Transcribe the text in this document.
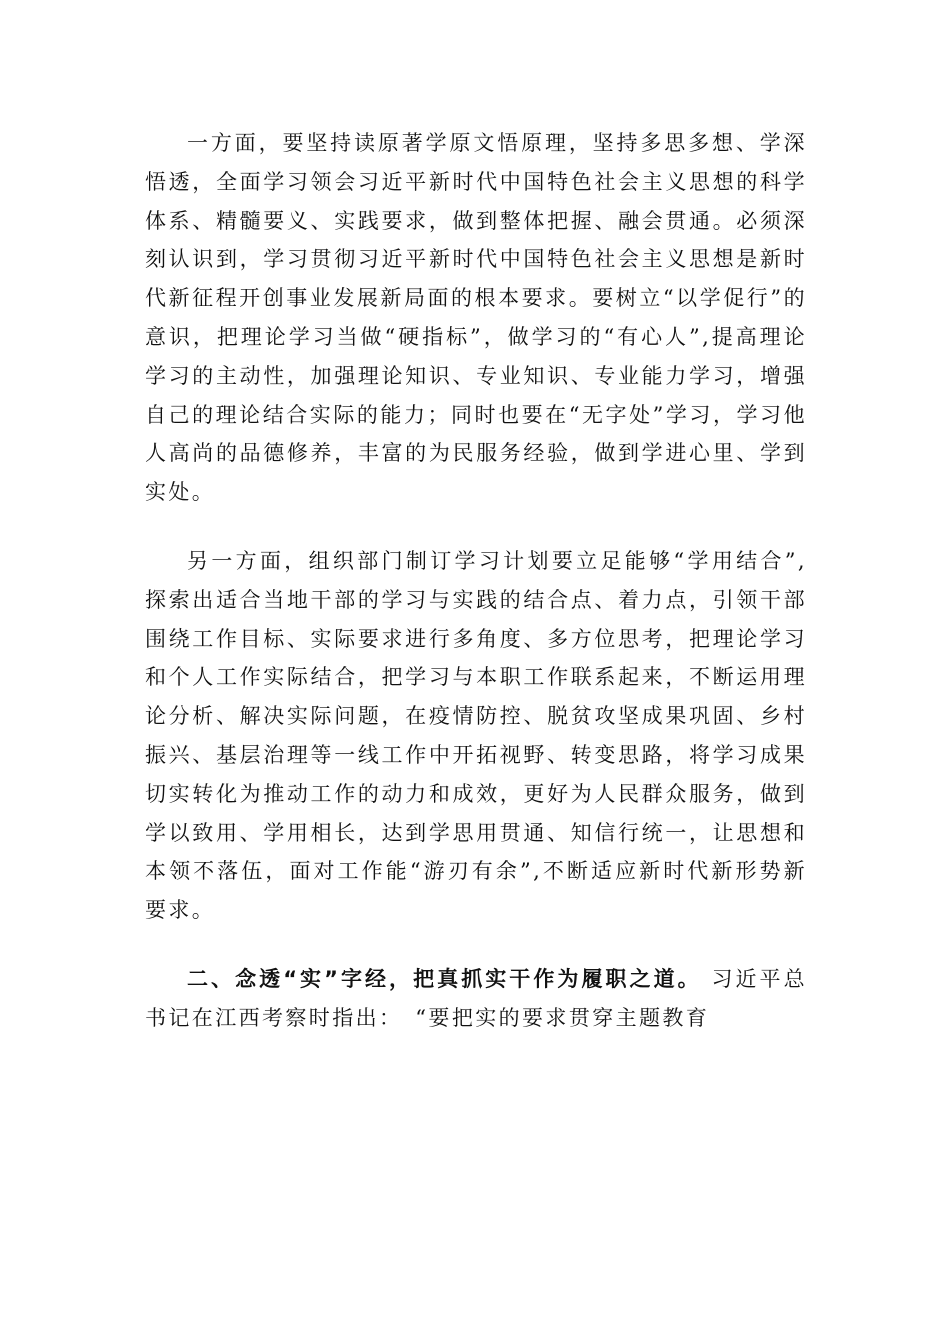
一方面，要坚持读原著学原文悟原理，坚持多思多想、学深悟透，全面学习领会习近平新时代中国特色社会主义思想的科学体系、精髓要义、实践要求，做到整体把握、融会贯通。必须深刻认识到，学习贯彻习近平新时代中国特色社会主义思想是新时代新征程开创事业发展新局面的根本要求。要树立“以学促行”的意识，把理论学习当做“硬指标”，做学习的“有心人”,提高理论学习的主动性，加强理论知识、专业知识、专业能力学习，增强自己的理论结合实际的能力；同时也要在“无字处”学习，学习他人高尚的品德修养，丰富的为民服务经验，做到学进心里、学到实处。

另一方面，组织部门制订学习计划要立足能够“学用结合”,探索出适合当地干部的学习与实践的结合点、着力点，引领干部围绕工作目标、实际要求进行多角度、多方位思考，把理论学习和个人工作实际结合，把学习与本职工作联系起来，不断运用理论分析、解决实际问题，在疫情防控、脱贫攻坚成果巩固、乡村振兴、基层治理等一线工作中开拓视野、转变思路，将学习成果切实转化为推动工作的动力和成效，更好为人民群众服务，做到学以致用、学用相长，达到学思用贯通、知信行统一，让思想和本领不落伍，面对工作能“游刃有余”,不断适应新时代新形势新要求。

二、念透“实”字经，把真抓实干作为履职之道。 习近平总书记在江西考察时指出：　“要把实的要求贯穿主题教育
